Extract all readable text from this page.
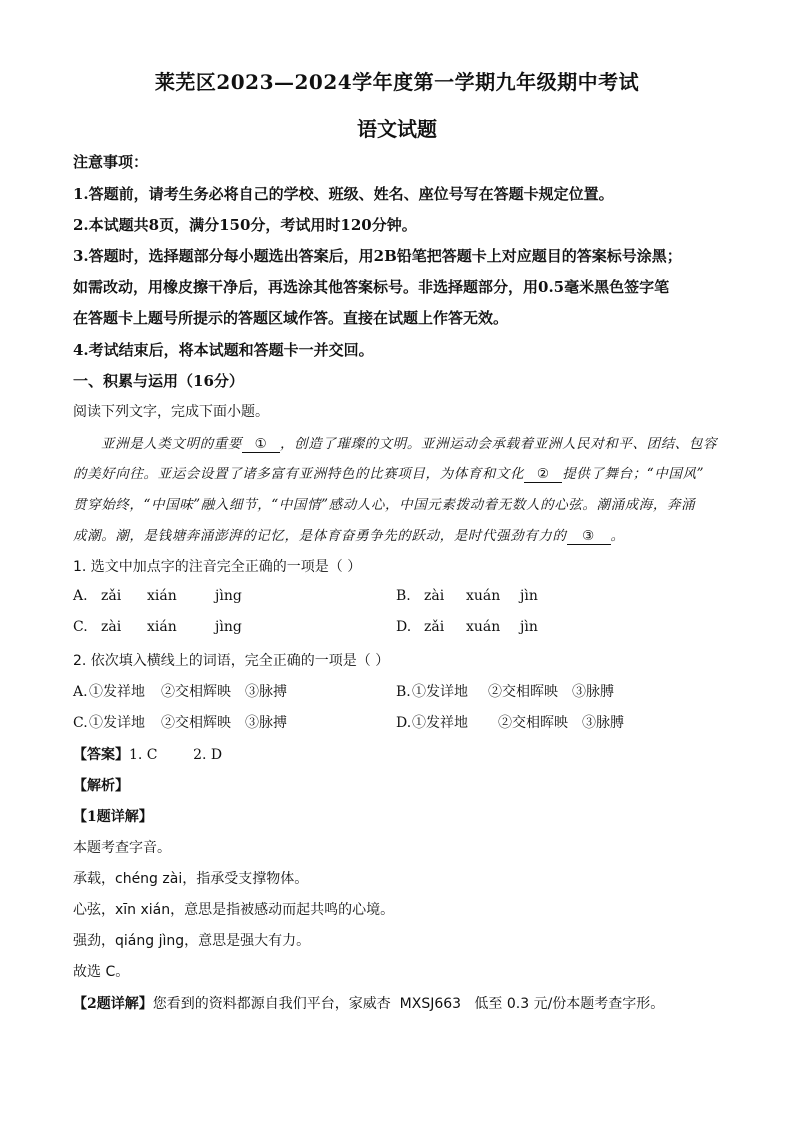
莱芜区2023—2024学年度第一学期九年级期中考试
语文试题
注意事项：
1.答题前，请考生务必将自己的学校、班级、姓名、座位号写在答题卡规定位置。
2.本试题共8页，满分150分，考试用时120分钟。
3.答题时，选择题部分每小题选出答案后，用2B铅笔把答题卡上对应题目的答案标号涂黑；
如需改动，用橡皮擦干净后，再选涂其他答案标号。非选择题部分，用0.5毫米黑色签字笔
在答题卡上题号所提示的答题区域作答。直接在试题上作答无效。
4.考试结束后，将本试题和答题卡一并交回。
一、积累与运用（16分）
阅读下列文字，完成下面小题。
亚洲是人类文明的重要 ① ，创造了璀璨的文明。亚洲运动会承载着亚洲人民对和平、团结、包容
的美好向往。亚运会设置了诸多富有亚洲特色的比赛项目，为体育和文化 ② 提供了舞台；“中国风”
贯穿始终，“中国味”融入细节，“中国情”感动人心，中国元素拨动着无数人的心弦。潮涌成海，奔涌
成潮。潮，是钱塘奔涌澎湃的记忆，是体育奋勇争先的跃动，是时代强劲有力的 ③ 。
1. 选文中加点字的注音完全正确的一项是（ ）
A. zǎi xián	jìng	B. zài xuán jìn
C. zài xián	jìng	D. zǎi xuán jìn
2. 依次填入横线上的词语，完全正确的一项是（ ）
A.①发祥地 ②交相辉映 ③脉搏	B.①发详地 ②交相晖映 ③脉膊
C.①发详地 ②交相辉映 ③脉搏	D.①发祥地 ②交相晖映 ③脉膊
【答案】1. C        2. D
【解析】
【1题详解】
本题考查字音。
承载，chéng zài，指承受支撑物体。
心弦，xīn xián，意思是指被感动而起共鸣的心境。
强劲，qiáng jìng，意思是强大有力。
故选 C。
【2题详解】您看到的资料都源自我们平台，家威杏  MXSJ663   低至 0.3 元/份本题考查字形。
